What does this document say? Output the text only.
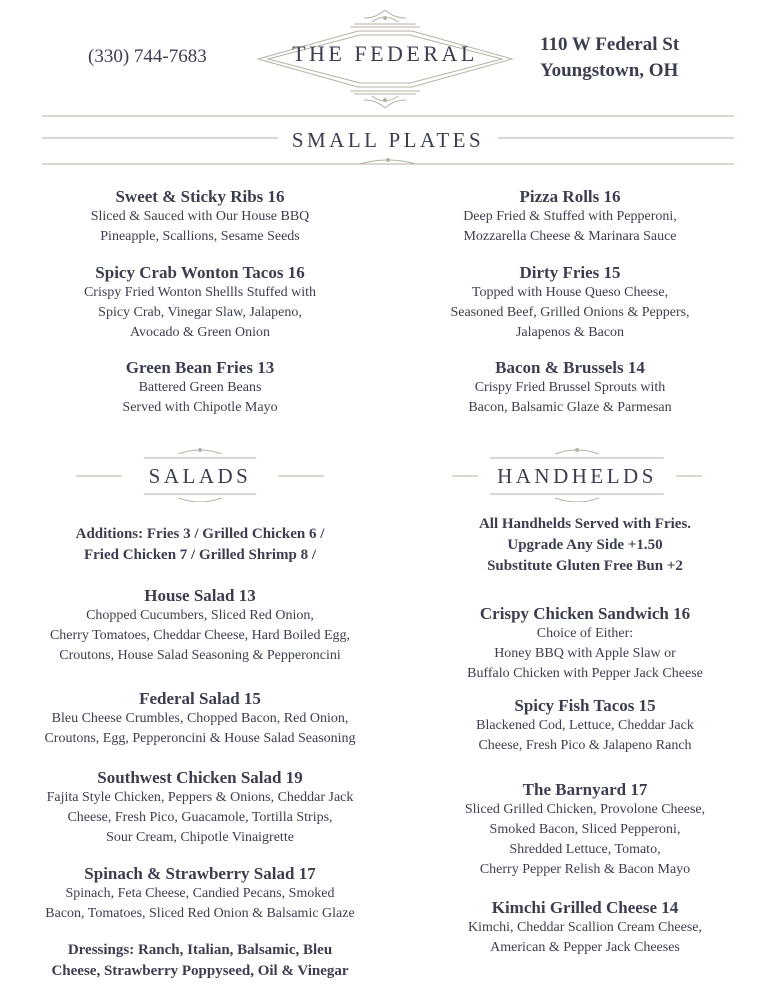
(330) 744-7683	THE FEDERAL	110 W Federal St
Youngstown, OH
SMALL PLATES
Sweet & Sticky Ribs 16
Sliced & Sauced with Our House BBQ
Pineapple, Scallions, Sesame Seeds
Spicy Crab Wonton Tacos 16
Crispy Fried Wonton Shellls Stuffed with
Spicy Crab, Vinegar Slaw, Jalapeno,
Avocado & Green Onion
Green Bean Fries 13
Battered Green Beans
Served with Chipotle Mayo
Pizza Rolls 16
Deep Fried & Stuffed with Pepperoni,
Mozzarella Cheese & Marinara Sauce
Dirty Fries 15
Topped with House Queso Cheese,
Seasoned Beef, Grilled Onions & Peppers,
Jalapenos & Bacon
Bacon & Brussels 14
Crispy Fried Brussel Sprouts with
Bacon, Balsamic Glaze & Parmesan
SALADS	HANDHELDS
Additions: Fries 3 / Grilled Chicken 6 /
Fried Chicken 7 / Grilled Shrimp 8 /
House Salad 13
Chopped Cucumbers, Sliced Red Onion,
Cherry Tomatoes, Cheddar Cheese, Hard Boiled Egg,
Croutons, House Salad Seasoning & Pepperoncini
Federal Salad 15
Bleu Cheese Crumbles, Chopped Bacon, Red Onion,
Croutons, Egg, Pepperoncini & House Salad Seasoning
Southwest Chicken Salad 19
Fajita Style Chicken, Peppers & Onions, Cheddar Jack
Cheese, Fresh Pico, Guacamole, Tortilla Strips,
Sour Cream, Chipotle Vinaigrette
Spinach & Strawberry Salad 17
Spinach, Feta Cheese, Candied Pecans, Smoked
Bacon, Tomatoes, Sliced Red Onion & Balsamic Glaze
Dressings: Ranch, Italian, Balsamic, Bleu
Cheese, Strawberry Poppyseed, Oil & Vinegar
All Handhelds Served with Fries.
Upgrade Any Side +1.50
Substitute Gluten Free Bun +2
Crispy Chicken Sandwich 16
Choice of Either:
Honey BBQ with Apple Slaw or
Buffalo Chicken with Pepper Jack Cheese
Spicy Fish Tacos 15
Blackened Cod, Lettuce, Cheddar Jack
Cheese, Fresh Pico & Jalapeno Ranch
The Barnyard 17
Sliced Grilled Chicken, Provolone Cheese,
Smoked Bacon, Sliced Pepperoni,
Shredded Lettuce, Tomato,
Cherry Pepper Relish & Bacon Mayo
Kimchi Grilled Cheese 14
Kimchi, Cheddar Scallion Cream Cheese,
American & Pepper Jack Cheeses
